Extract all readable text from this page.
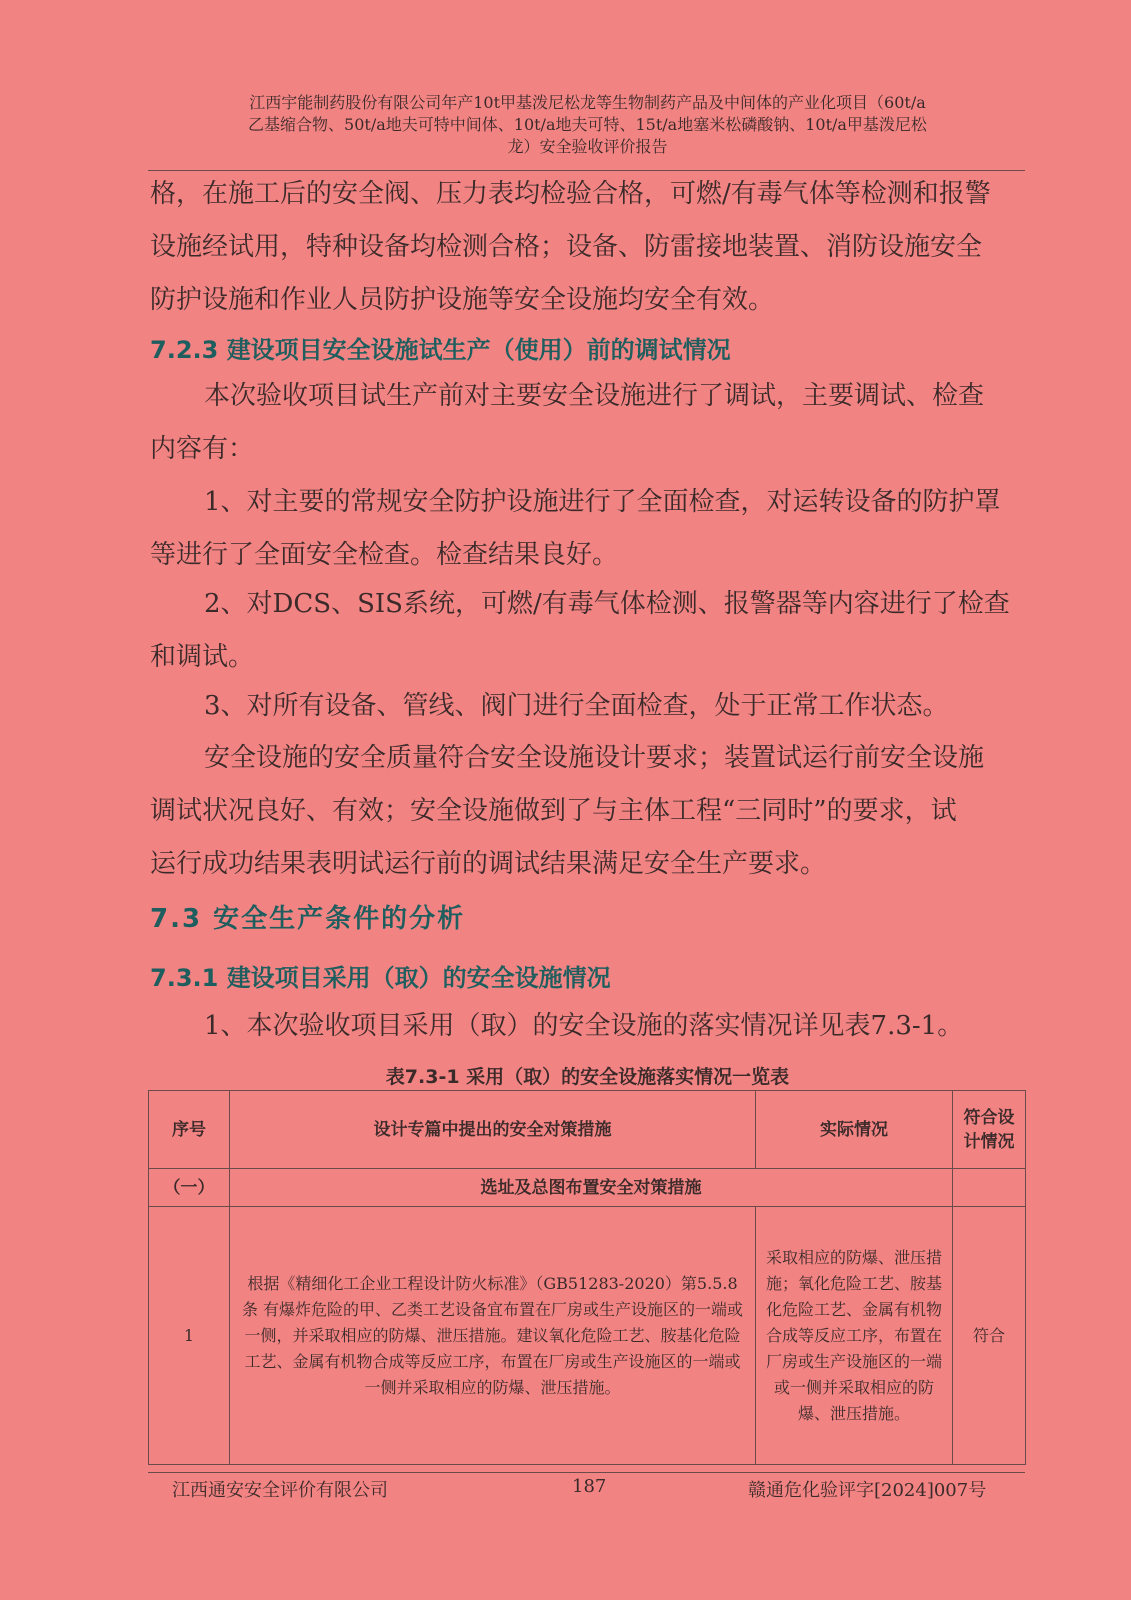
江西宇能制药股份有限公司年产10t甲基泼尼松龙等生物制药产品及中间体的产业化项目（60t/a
乙基缩合物、50t/a地夫可特中间体、10t/a地夫可特、15t/a地塞米松磷酸钠、10t/a甲基泼尼松
龙）安全验收评价报告
格，在施工后的安全阀、压力表均检验合格，可燃/有毒气体等检测和报警
设施经试用，特种设备均检测合格；设备、防雷接地装置、消防设施安全
防护设施和作业人员防护设施等安全设施均安全有效。
7.2.3 建设项目安全设施试生产（使用）前的调试情况
本次验收项目试生产前对主要安全设施进行了调试，主要调试、检查
内容有：
1、对主要的常规安全防护设施进行了全面检查，对运转设备的防护罩
等进行了全面安全检查。检查结果良好。
2、对DCS、SIS系统，可燃/有毒气体检测、报警器等内容进行了检查
和调试。
3、对所有设备、管线、阀门进行全面检查，处于正常工作状态。
安全设施的安全质量符合安全设施设计要求；装置试运行前安全设施
调试状况良好、有效；安全设施做到了与主体工程“三同时”的要求，试
运行成功结果表明试运行前的调试结果满足安全生产要求。
7.3 安全生产条件的分析
7.3.1 建设项目采用（取）的安全设施情况
1、本次验收项目采用（取）的安全设施的落实情况详见表7.3-1。
表7.3-1 采用（取）的安全设施落实情况一览表
序号	设计专篇中提出的安全对策措施	实际情况	符合设计情况
（一）	选址及总图布置安全对策措施		
1	根据《精细化工企业工程设计防火标准》（GB51283-2020）第5.5.8条 有爆炸危险的甲、乙类工艺设备宜布置在厂房或生产设施区的一端或一侧，并采取相应的防爆、泄压措施。建议氧化危险工艺、胺基化危险工艺、金属有机物合成等反应工序，布置在厂房或生产设施区的一端或一侧并采取相应的防爆、泄压措施。	采取相应的防爆、泄压措施；氧化危险工艺、胺基化危险工艺、金属有机物合成等反应工序，布置在厂房或生产设施区的一端或一侧并采取相应的防爆、泄压措施。	符合
江西通安安全评价有限公司	187	赣通危化验评字[2024]007号
